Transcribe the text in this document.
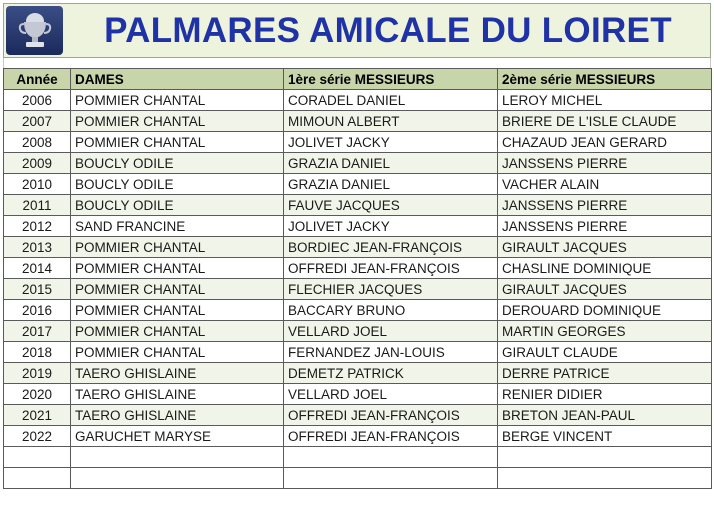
PALMARES AMICALE DU LOIRET
Année	DAMES	1ère série MESSIEURS	2ème série MESSIEURS
2006	POMMIER CHANTAL	CORADEL DANIEL	LEROY MICHEL
2007	POMMIER CHANTAL	MIMOUN ALBERT	BRIERE DE L'ISLE CLAUDE
2008	POMMIER CHANTAL	JOLIVET JACKY	CHAZAUD JEAN GERARD
2009	BOUCLY ODILE	GRAZIA DANIEL	JANSSENS PIERRE
2010	BOUCLY ODILE	GRAZIA DANIEL	VACHER ALAIN
2011	BOUCLY ODILE	FAUVE JACQUES	JANSSENS PIERRE
2012	SAND FRANCINE	JOLIVET JACKY	JANSSENS PIERRE
2013	POMMIER CHANTAL	BORDIEC JEAN-FRANÇOIS	GIRAULT JACQUES
2014	POMMIER CHANTAL	OFFREDI JEAN-FRANÇOIS	CHASLINE DOMINIQUE
2015	POMMIER CHANTAL	FLECHIER JACQUES	GIRAULT JACQUES
2016	POMMIER CHANTAL	BACCARY BRUNO	DEROUARD DOMINIQUE
2017	POMMIER CHANTAL	VELLARD JOEL	MARTIN GEORGES
2018	POMMIER CHANTAL	FERNANDEZ JAN-LOUIS	GIRAULT CLAUDE
2019	TAERO GHISLAINE	DEMETZ PATRICK	DERRE PATRICE
2020	TAERO GHISLAINE	VELLARD JOEL	RENIER DIDIER
2021	TAERO GHISLAINE	OFFREDI JEAN-FRANÇOIS	BRETON JEAN-PAUL
2022	GARUCHET MARYSE	OFFREDI JEAN-FRANÇOIS	BERGE VINCENT
